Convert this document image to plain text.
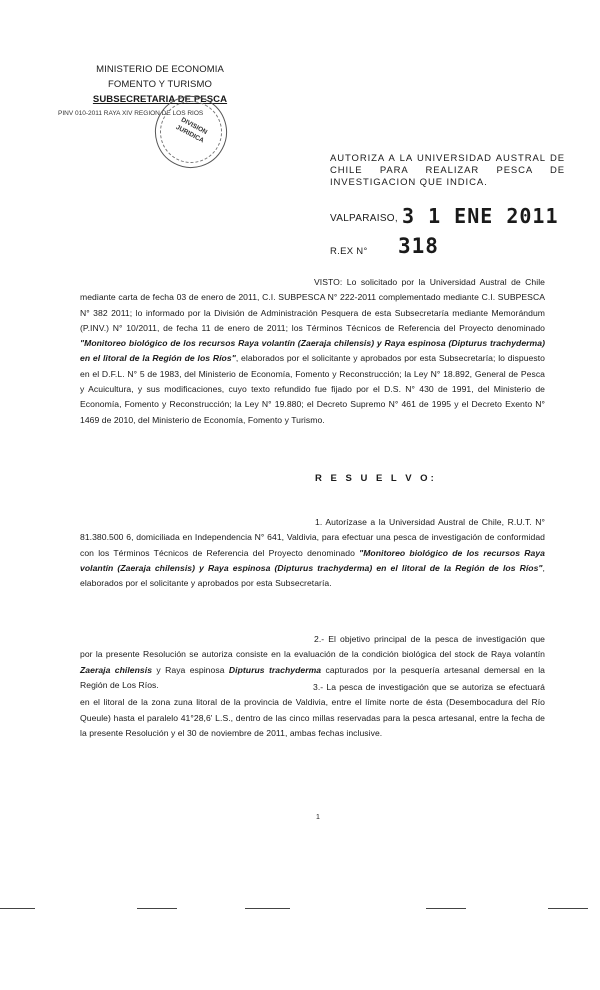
MINISTERIO DE ECONOMIA
FOMENTO Y TURISMO
SUBSECRETARIA DE PESCA
PINV 010-2011 RAYA XIV REGION DE LOS RIOS
DIVISION JURIDICA
AUTORIZA A LA UNIVERSIDAD AUSTRAL DE CHILE PARA REALIZAR PESCA DE INVESTIGACION QUE INDICA.
VALPARAISO, 3 1 ENE 2011
R.EX N° 318
VISTO: Lo solicitado por la Universidad Austral de Chile mediante carta de fecha 03 de enero de 2011, C.I. SUBPESCA N° 222-2011 complementado mediante C.I. SUBPESCA N° 382 2011; lo informado por la División de Administración Pesquera de esta Subsecretaría mediante Memorándum (P.INV.) N° 10/2011, de fecha 11 de enero de 2011; los Términos Técnicos de Referencia del Proyecto denominado "Monitoreo biológico de los recursos Raya volantín (Zaeraja chilensis) y Raya espinosa (Dipturus trachyderma) en el litoral de la Región de los Ríos", elaborados por el solicitante y aprobados por esta Subsecretaría; lo dispuesto en el D.F.L. N° 5 de 1983, del Ministerio de Economía, Fomento y Reconstrucción; la Ley N° 18.892, General de Pesca y Acuicultura, y sus modificaciones, cuyo texto refundido fue fijado por el D.S. N° 430 de 1991, del Ministerio de Economía, Fomento y Reconstrucción; la Ley N° 19.880; el Decreto Supremo N° 461 de 1995 y el Decreto Exento N° 1469 de 2010, del Ministerio de Economía, Fomento y Turismo.
R E S U E L V O:
1. Autorízase a la Universidad Austral de Chile, R.U.T. N° 81.380.500 6, domiciliada en Independencia N° 641, Valdivia, para efectuar una pesca de investigación de conformidad con los Términos Técnicos de Referencia del Proyecto denominado "Monitoreo biológico de los recursos Raya volantín (Zaeraja chilensis) y Raya espinosa (Dipturus trachyderma) en el litoral de la Región de los Ríos", elaborados por el solicitante y aprobados por esta Subsecretaría.
2.- El objetivo principal de la pesca de investigación que por la presente Resolución se autoriza consiste en la evaluación de la condición biológica del stock de Raya volantín Zaeraja chilensis y Raya espinosa Dipturus trachyderma capturados por la pesquería artesanal demersal en la Región de Los Ríos.	3.- La pesca de investigación que se autoriza se efectuará en el litoral de la zona zuna litoral de la provincia de Valdivia, entre el límite norte de ésta (Desembocadura del Río Queule) hasta el paralelo 41°28,6' L.S., dentro de las cinco millas reservadas para la pesca artesanal, entre la fecha de la presente Resolución y el 30 de noviembre de 2011, ambas fechas inclusive.
1
